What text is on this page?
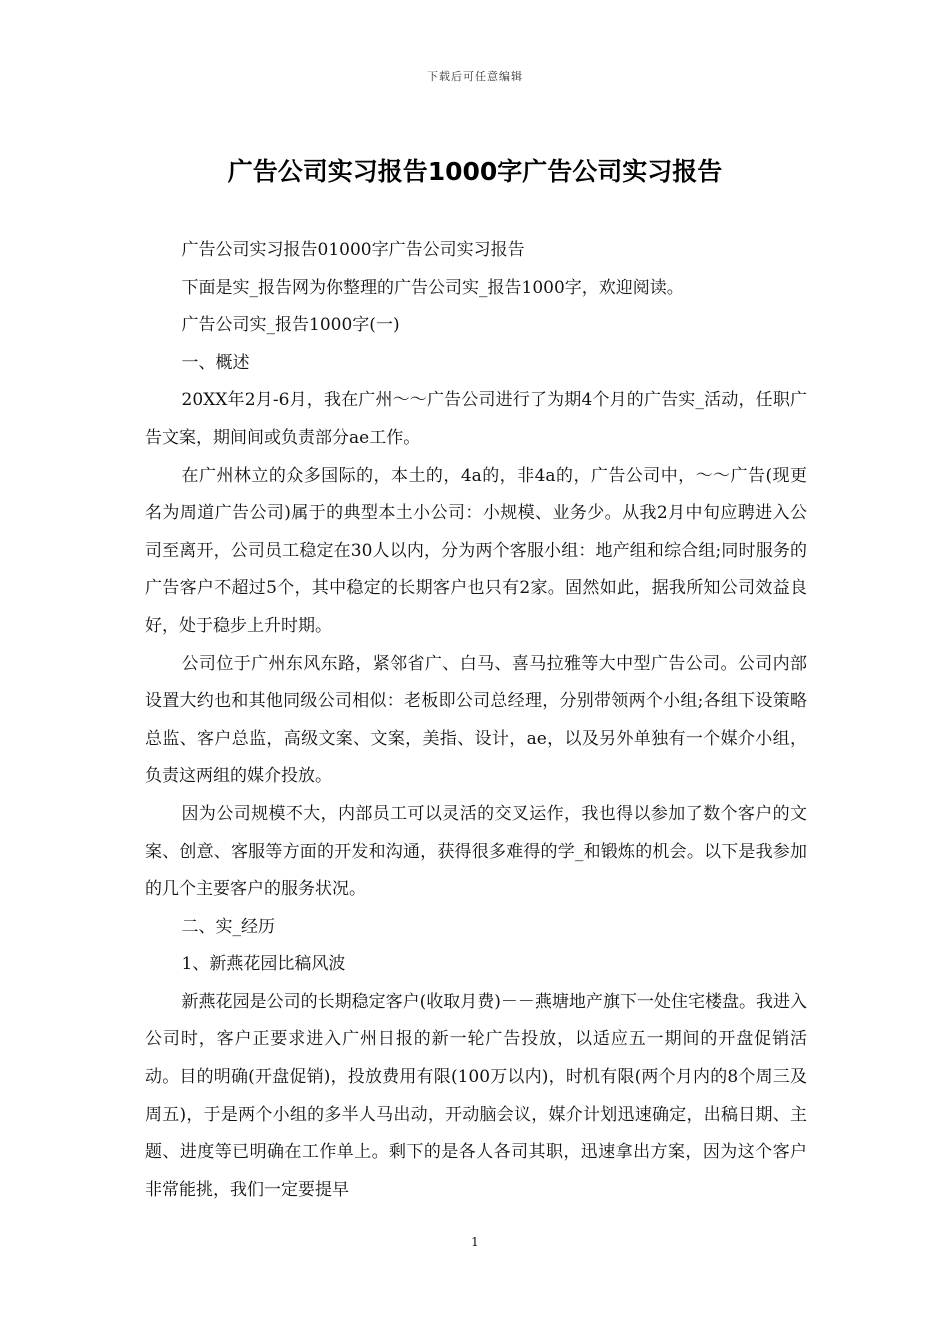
下载后可任意编辑
广告公司实习报告1000字广告公司实习报告

广告公司实习报告01000字广告公司实习报告

下面是实_报告网为你整理的广告公司实_报告1000字，欢迎阅读。

广告公司实_报告1000字(一)

一、概述

20XX年2月-6月，我在广州～～广告公司进行了为期4个月的广告实_活动，任职广告文案，期间间或负责部分ae工作。

在广州林立的众多国际的，本土的，4a的，非4a的，广告公司中，～～广告(现更名为周道广告公司)属于的典型本土小公司：小规模、业务少。从我2月中旬应聘进入公司至离开，公司员工稳定在30人以内，分为两个客服小组：地产组和综合组;同时服务的广告客户不超过5个，其中稳定的长期客户也只有2家。固然如此，据我所知公司效益良好，处于稳步上升时期。

公司位于广州东风东路，紧邻省广、白马、喜马拉雅等大中型广告公司。公司内部设置大约也和其他同级公司相似：老板即公司总经理，分别带领两个小组;各组下设策略总监、客户总监，高级文案、文案，美指、设计，ae，以及另外单独有一个媒介小组，负责这两组的媒介投放。

因为公司规模不大，内部员工可以灵活的交叉运作，我也得以参加了数个客户的文案、创意、客服等方面的开发和沟通，获得很多难得的学_和锻炼的机会。以下是我参加的几个主要客户的服务状况。

二、实_经历

1、新燕花园比稿风波

新燕花园是公司的长期稳定客户(收取月费)－－燕塘地产旗下一处住宅楼盘。我进入公司时，客户正要求进入广州日报的新一轮广告投放，以适应五一期间的开盘促销活动。目的明确(开盘促销)，投放费用有限(100万以内)，时机有限(两个月内的8个周三及周五)，于是两个小组的多半人马出动，开动脑会议，媒介计划迅速确定，出稿日期、主题、进度等已明确在工作单上。剩下的是各人各司其职，迅速拿出方案，因为这个客户非常能挑，我们一定要提早

1
